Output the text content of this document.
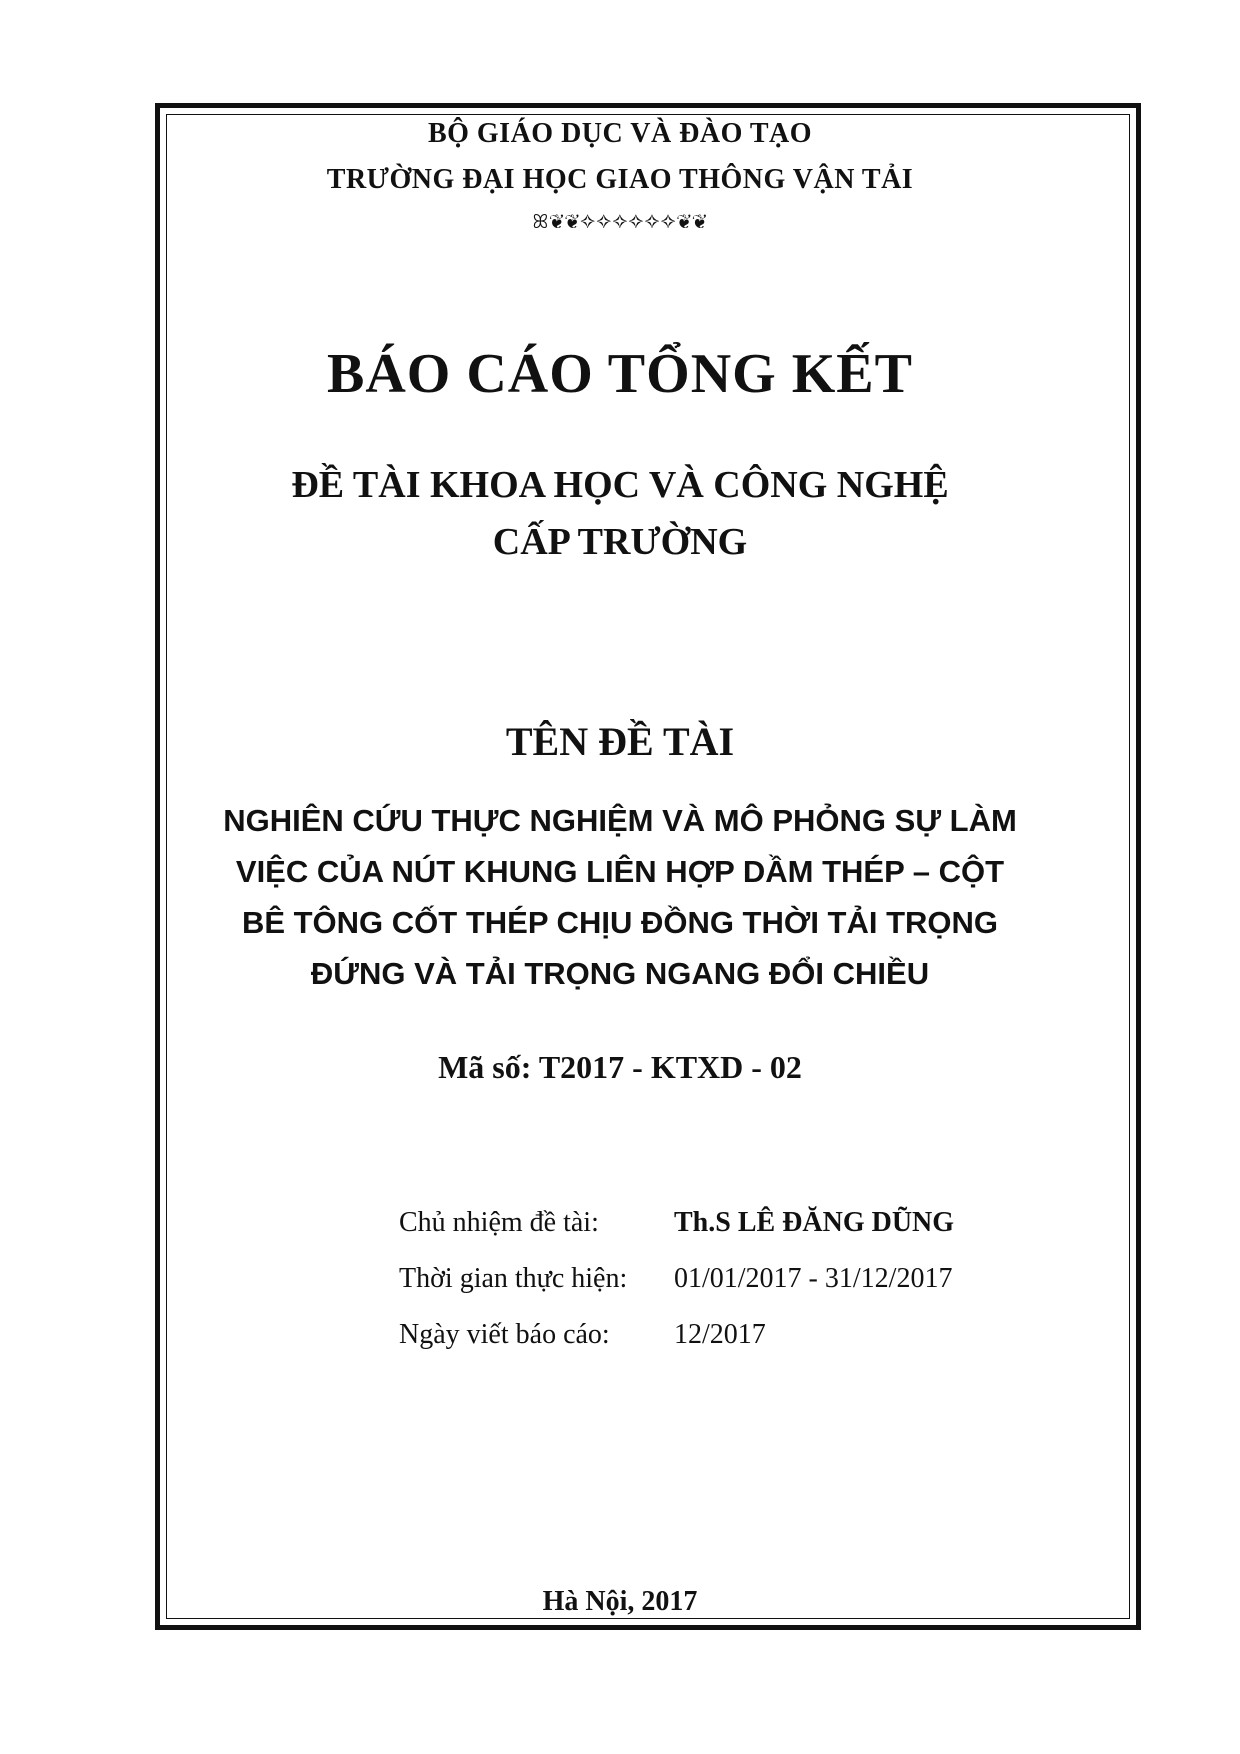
BỘ GIÁO DỤC VÀ ĐÀO TẠO
TRƯỜNG ĐẠI HỌC GIAO THÔNG VẬN TẢI
ꕤ❦❦✧✧✧✧✧✧❦❦
BÁO CÁO TỔNG KẾT
ĐỀ TÀI KHOA HỌC VÀ CÔNG NGHỆ
CẤP TRƯỜNG
TÊN ĐỀ TÀI
NGHIÊN CỨU THỰC NGHIỆM VÀ MÔ PHỎNG SỰ LÀM
VIỆC CỦA NÚT KHUNG LIÊN HỢP DẦM THÉP – CỘT
BÊ TÔNG CỐT THÉP CHỊU ĐỒNG THỜI TẢI TRỌNG
ĐỨNG VÀ TẢI TRỌNG NGANG ĐỔI CHIỀU
Mã số: T2017 - KTXD - 02
Chủ nhiệm đề tài:	Th.S LÊ ĐĂNG DŨNG
Thời gian thực hiện:	01/01/2017 - 31/12/2017
Ngày viết báo cáo:	12/2017
Hà Nội, 2017
